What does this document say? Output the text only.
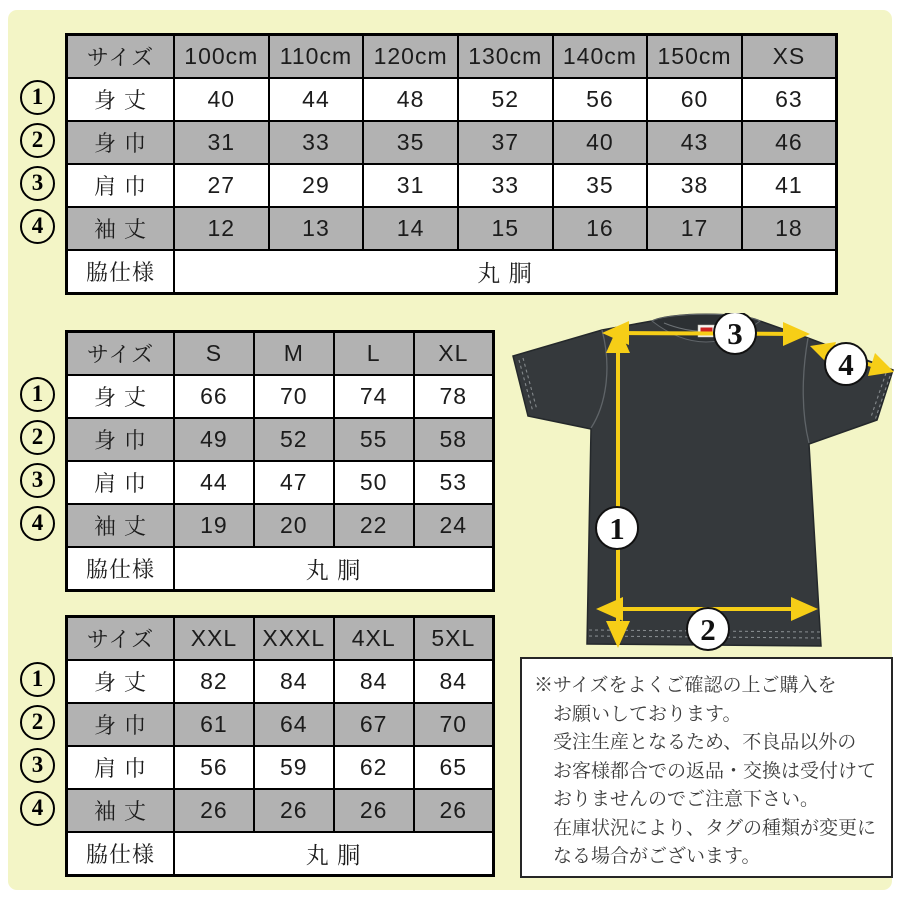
1
2
3
4
サイズ	100cm	110cm	120cm	130cm	140cm	150cm	XS
身 丈	40	44	48	52	56	60	63
身 巾	31	33	35	37	40	43	46
肩 巾	27	29	31	33	35	38	41
袖 丈	12	13	14	15	16	17	18
脇仕様	丸 胴						
1
2
3
4
サイズ	S	M	L	XL
身 丈	66	70	74	78
身 巾	49	52	55	58
肩 巾	44	47	50	53
袖 丈	19	20	22	24
脇仕様	丸 胴			
1
2
3
4
サイズ	XXL	XXXL	4XL	5XL
身 丈	82	84	84	84
身 巾	61	64	67	70
肩 巾	56	59	62	65
袖 丈	26	26	26	26
脇仕様	丸 胴			
1
2
3
4
※サイズをよくご確認の上ご購入を
お願いしております。
受注生産となるため、不良品以外の
お客様都合での返品・交換は受付けて
おりませんのでご注意下さい。
在庫状況により、タグの種類が変更に
なる場合がございます。
